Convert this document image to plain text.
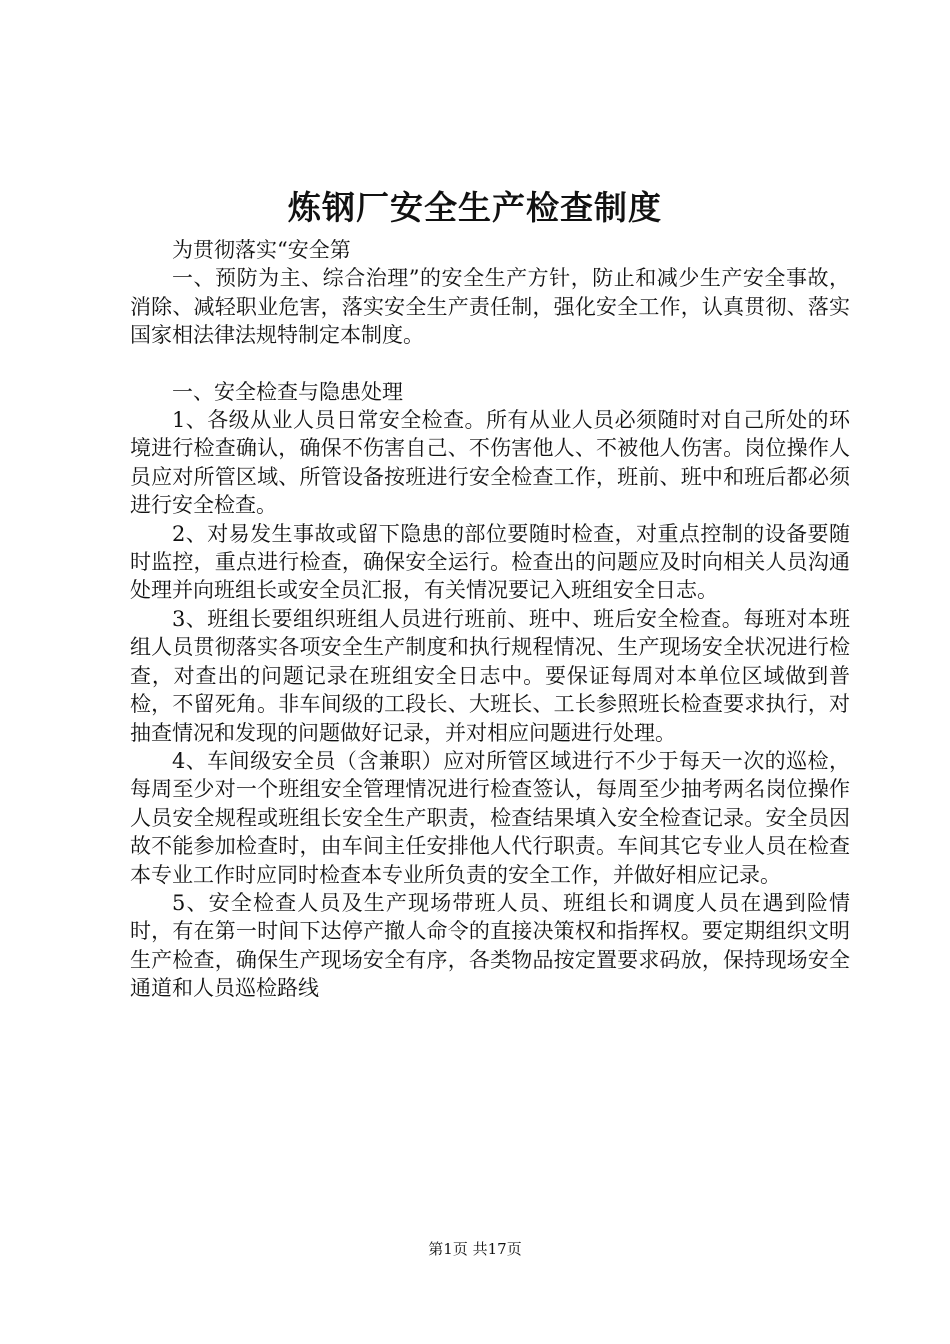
炼钢厂安全生产检查制度

为贯彻落实“安全第

一、预防为主、综合治理”的安全生产方针，防止和减少生产安全事故，消除、减轻职业危害，落实安全生产责任制，强化安全工作，认真贯彻、落实国家相法律法规特制定本制度。

一、安全检查与隐患处理

1、各级从业人员日常安全检查。所有从业人员必须随时对自己所处的环境进行检查确认，确保不伤害自己、不伤害他人、不被他人伤害。岗位操作人员应对所管区域、所管设备按班进行安全检查工作，班前、班中和班后都必须进行安全检查。

2、对易发生事故或留下隐患的部位要随时检查，对重点控制的设备要随时监控，重点进行检查，确保安全运行。检查出的问题应及时向相关人员沟通处理并向班组长或安全员汇报，有关情况要记入班组安全日志。

3、班组长要组织班组人员进行班前、班中、班后安全检查。每班对本班组人员贯彻落实各项安全生产制度和执行规程情况、生产现场安全状况进行检查，对查出的问题记录在班组安全日志中。要保证每周对本单位区域做到普检，不留死角。非车间级的工段长、大班长、工长参照班长检查要求执行，对抽查情况和发现的问题做好记录，并对相应问题进行处理。

4、车间级安全员（含兼职）应对所管区域进行不少于每天一次的巡检，每周至少对一个班组安全管理情况进行检查签认，每周至少抽考两名岗位操作人员安全规程或班组长安全生产职责，检查结果填入安全检查记录。安全员因故不能参加检查时，由车间主任安排他人代行职责。车间其它专业人员在检查本专业工作时应同时检查本专业所负责的安全工作，并做好相应记录。

5、安全检查人员及生产现场带班人员、班组长和调度人员在遇到险情时，有在第一时间下达停产撤人命令的直接决策权和指挥权。要定期组织文明生产检查，确保生产现场安全有序，各类物品按定置要求码放，保持现场安全通道和人员巡检路线

第1页 共17页
